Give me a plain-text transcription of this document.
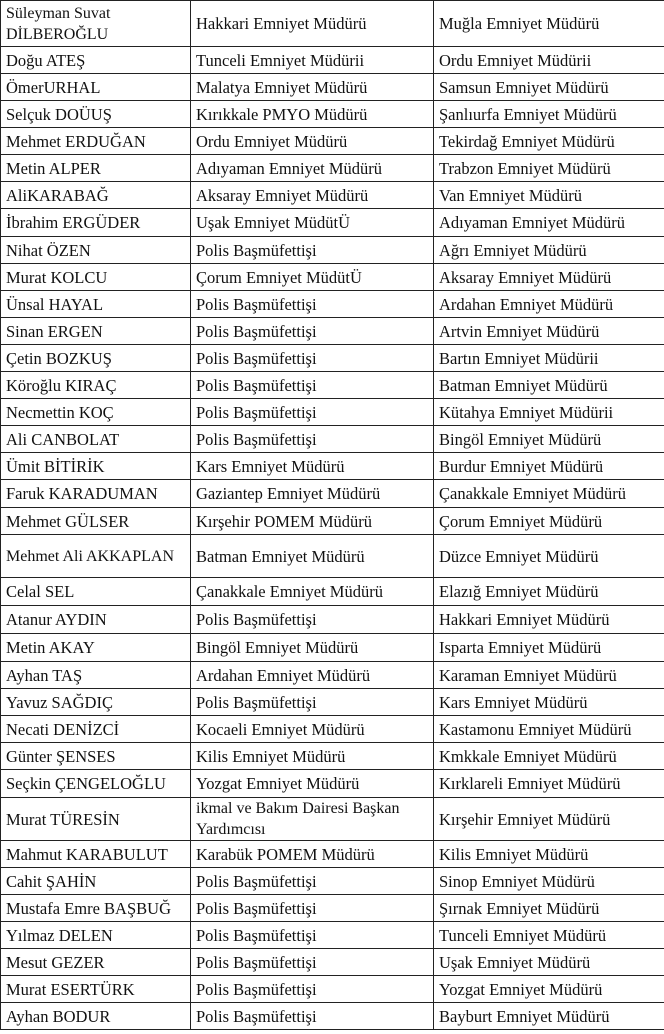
Süleyman Suvat DİLBEROĞLU	Hakkari Emniyet Müdürü	Muğla Emniyet Müdürü
Doğu ATEŞ	Tunceli Emniyet Müdürii	Ordu Emniyet Müdürii
ÖmerURHAL	Malatya Emniyet Müdürü	Samsun Emniyet Müdürü
Selçuk DOÜUŞ	Kırıkkale PMYO Müdürü	Şanlıurfa Emniyet Müdürü
Mehmet ERDUĞAN	Ordu Emniyet Müdürü	Tekirdağ Emniyet Müdürü
Metin ALPER	Adıyaman Emniyet Müdürü	Trabzon Emniyet Müdürü
AliKARABAĞ	Aksaray Emniyet Müdürü	Van Emniyet Müdürü
İbrahim ERGÜDER	Uşak Emniyet MüdütÜ	Adıyaman Emniyet Müdürü
Nihat ÖZEN	Polis Başmüfettişi	Ağrı Emniyet Müdürü
Murat KOLCU	Çorum Emniyet MüdütÜ	Aksaray Emniyet Müdürü
Ünsal HAYAL	Polis Başmüfettişi	Ardahan Emniyet Müdürü
Sinan ERGEN	Polis Başmüfettişi	Artvin Emniyet Müdürü
Çetin BOZKUŞ	Polis Başmüfettişi	Bartın Emniyet Müdürii
Köroğlu KIRAÇ	Polis Başmüfettişi	Batman Emniyet Müdürü
Necmettin KOÇ	Polis Başmüfettişi	Kütahya Emniyet Müdürii
Ali CANBOLAT	Polis Başmüfettişi	Bingöl Emniyet Müdürü
Ümit BİTİRİK	Kars Emniyet Müdürü	Burdur Emniyet Müdürü
Faruk KARADUMAN	Gaziantep Emniyet Müdürü	Çanakkale Emniyet Müdürü
Mehmet GÜLSER	Kırşehir POMEM Müdürü	Çorum Emniyet Müdürü
Mehmet Ali AKKAPLAN	Batman Emniyet Müdürü	Düzce Emniyet Müdürü
Celal SEL	Çanakkale Emniyet Müdürü	Elazığ Emniyet Müdürü
Atanur AYDIN	Polis Başmüfettişi	Hakkari Emniyet Müdürü
Metin AKAY	Bingöl Emniyet Müdürü	Isparta Emniyet Müdürü
Ayhan TAŞ	Ardahan Emniyet Müdürü	Karaman Emniyet Müdürü
Yavuz SAĞDIÇ	Polis Başmüfettişi	Kars Emniyet Müdürü
Necati DENİZCİ	Kocaeli Emniyet Müdürü	Kastamonu Emniyet Müdürü
Günter ŞENSES	Kilis Emniyet Müdürü	Kmkkale Emniyet Müdürü
Seçkin ÇENGELOĞLU	Yozgat Emniyet Müdürü	Kırklareli Emniyet Müdürü
Murat TÜRESİN	ikmal ve Bakım Dairesi Başkan Yardımcısı	Kırşehir Emniyet Müdürü
Mahmut KARABULUT	Karabük POMEM Müdürü	Kilis Emniyet Müdürü
Cahit ŞAHİN	Polis Başmüfettişi	Sinop Emniyet Müdürü
Mustafa Emre BAŞBUĞ	Polis Başmüfettişi	Şırnak Emniyet Müdürü
Yılmaz DELEN	Polis Başmüfettişi	Tunceli Emniyet Müdürü
Mesut GEZER	Polis Başmüfettişi	Uşak Emniyet Müdürü
Murat ESERTÜRK	Polis Başmüfettişi	Yozgat Emniyet Müdürü
Ayhan BODUR	Polis Başmüfettişi	Bayburt Emniyet Müdürü
